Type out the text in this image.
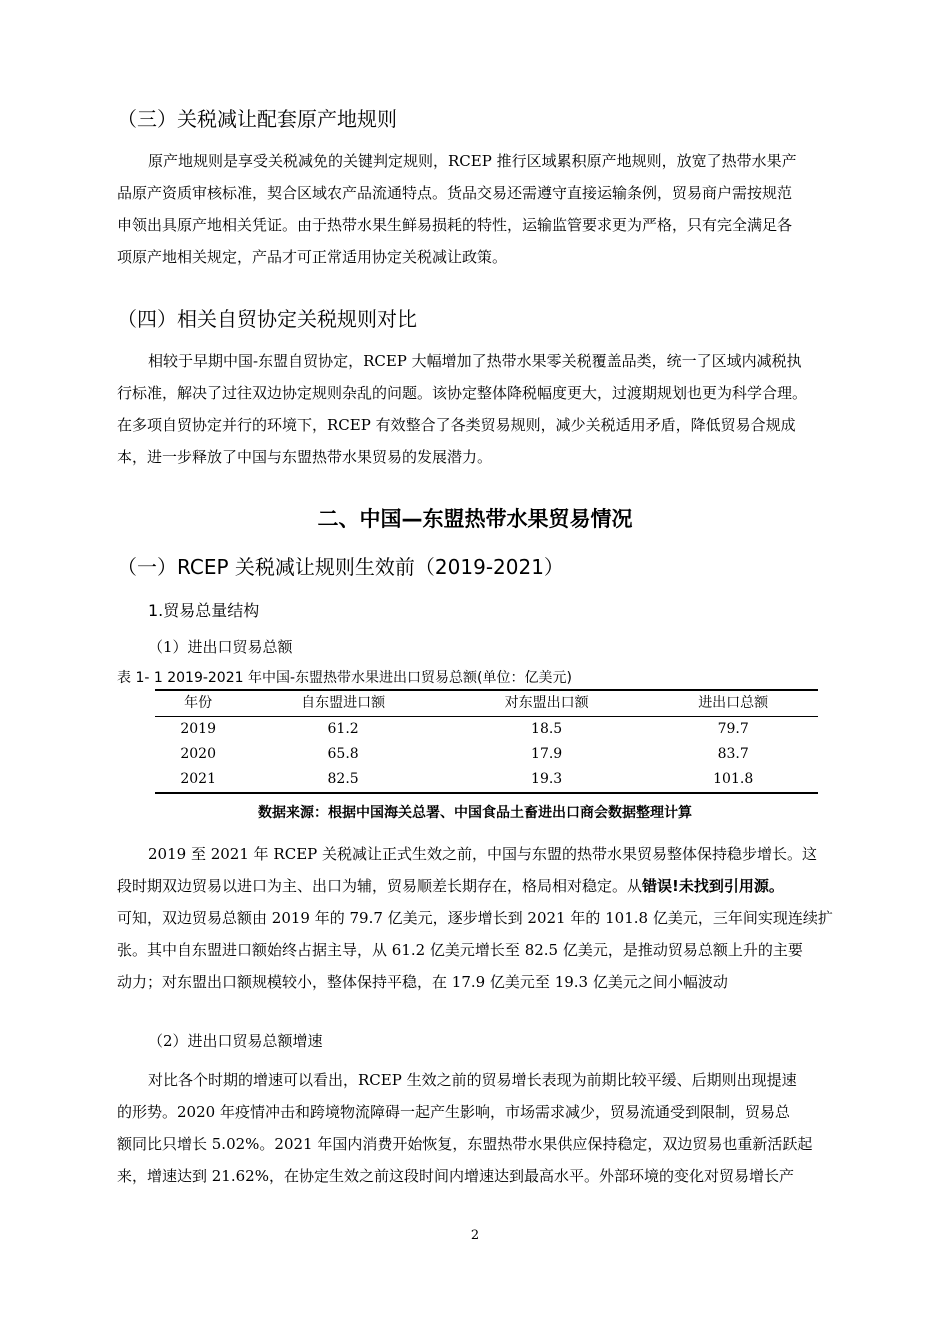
（三）关税减让配套原产地规则
原产地规则是享受关税减免的关键判定规则，RCEP 推行区域累积原产地规则，放宽了热带水果产
品原产资质审核标准，契合区域农产品流通特点。货品交易还需遵守直接运输条例，贸易商户需按规范
申领出具原产地相关凭证。由于热带水果生鲜易损耗的特性，运输监管要求更为严格，只有完全满足各
项原产地相关规定，产品才可正常适用协定关税减让政策。
（四）相关自贸协定关税规则对比
相较于早期中国-东盟自贸协定，RCEP 大幅增加了热带水果零关税覆盖品类，统一了区域内减税执
行标准，解决了过往双边协定规则杂乱的问题。该协定整体降税幅度更大，过渡期规划也更为科学合理。
在多项自贸协定并行的环境下，RCEP 有效整合了各类贸易规则，减少关税适用矛盾，降低贸易合规成
本，进一步释放了中国与东盟热带水果贸易的发展潜力。
二、中国—东盟热带水果贸易情况
（一）RCEP 关税减让规则生效前（2019-2021）
1.贸易总量结构
（1）进出口贸易总额
表 1- 1 2019-2021 年中国-东盟热带水果进出口贸易总额(单位：亿美元)
年份	自东盟进口额	对东盟出口额	进出口总额
2019	61.2	18.5	79.7
2020	65.8	17.9	83.7
2021	82.5	19.3	101.8
数据来源：根据中国海关总署、中国食品土畜进出口商会数据整理计算
2019 至 2021 年 RCEP 关税减让正式生效之前，中国与东盟的热带水果贸易整体保持稳步增长。这
段时期双边贸易以进口为主、出口为辅，贸易顺差长期存在，格局相对稳定。从错误!未找到引用源。
可知，双边贸易总额由 2019 年的 79.7 亿美元，逐步增长到 2021 年的 101.8 亿美元，三年间实现连续扩
张。其中自东盟进口额始终占据主导，从 61.2 亿美元增长至 82.5 亿美元，是推动贸易总额上升的主要
动力；对东盟出口额规模较小，整体保持平稳，在 17.9 亿美元至 19.3 亿美元之间小幅波动
（2）进出口贸易总额增速
对比各个时期的增速可以看出，RCEP 生效之前的贸易增长表现为前期比较平缓、后期则出现提速
的形势。2020 年疫情冲击和跨境物流障碍一起产生影响，市场需求减少，贸易流通受到限制，贸易总
额同比只增长 5.02%。2021 年国内消费开始恢复，东盟热带水果供应保持稳定，双边贸易也重新活跃起
来，增速达到 21.62%，在协定生效之前这段时间内增速达到最高水平。外部环境的变化对贸易增长产
2
